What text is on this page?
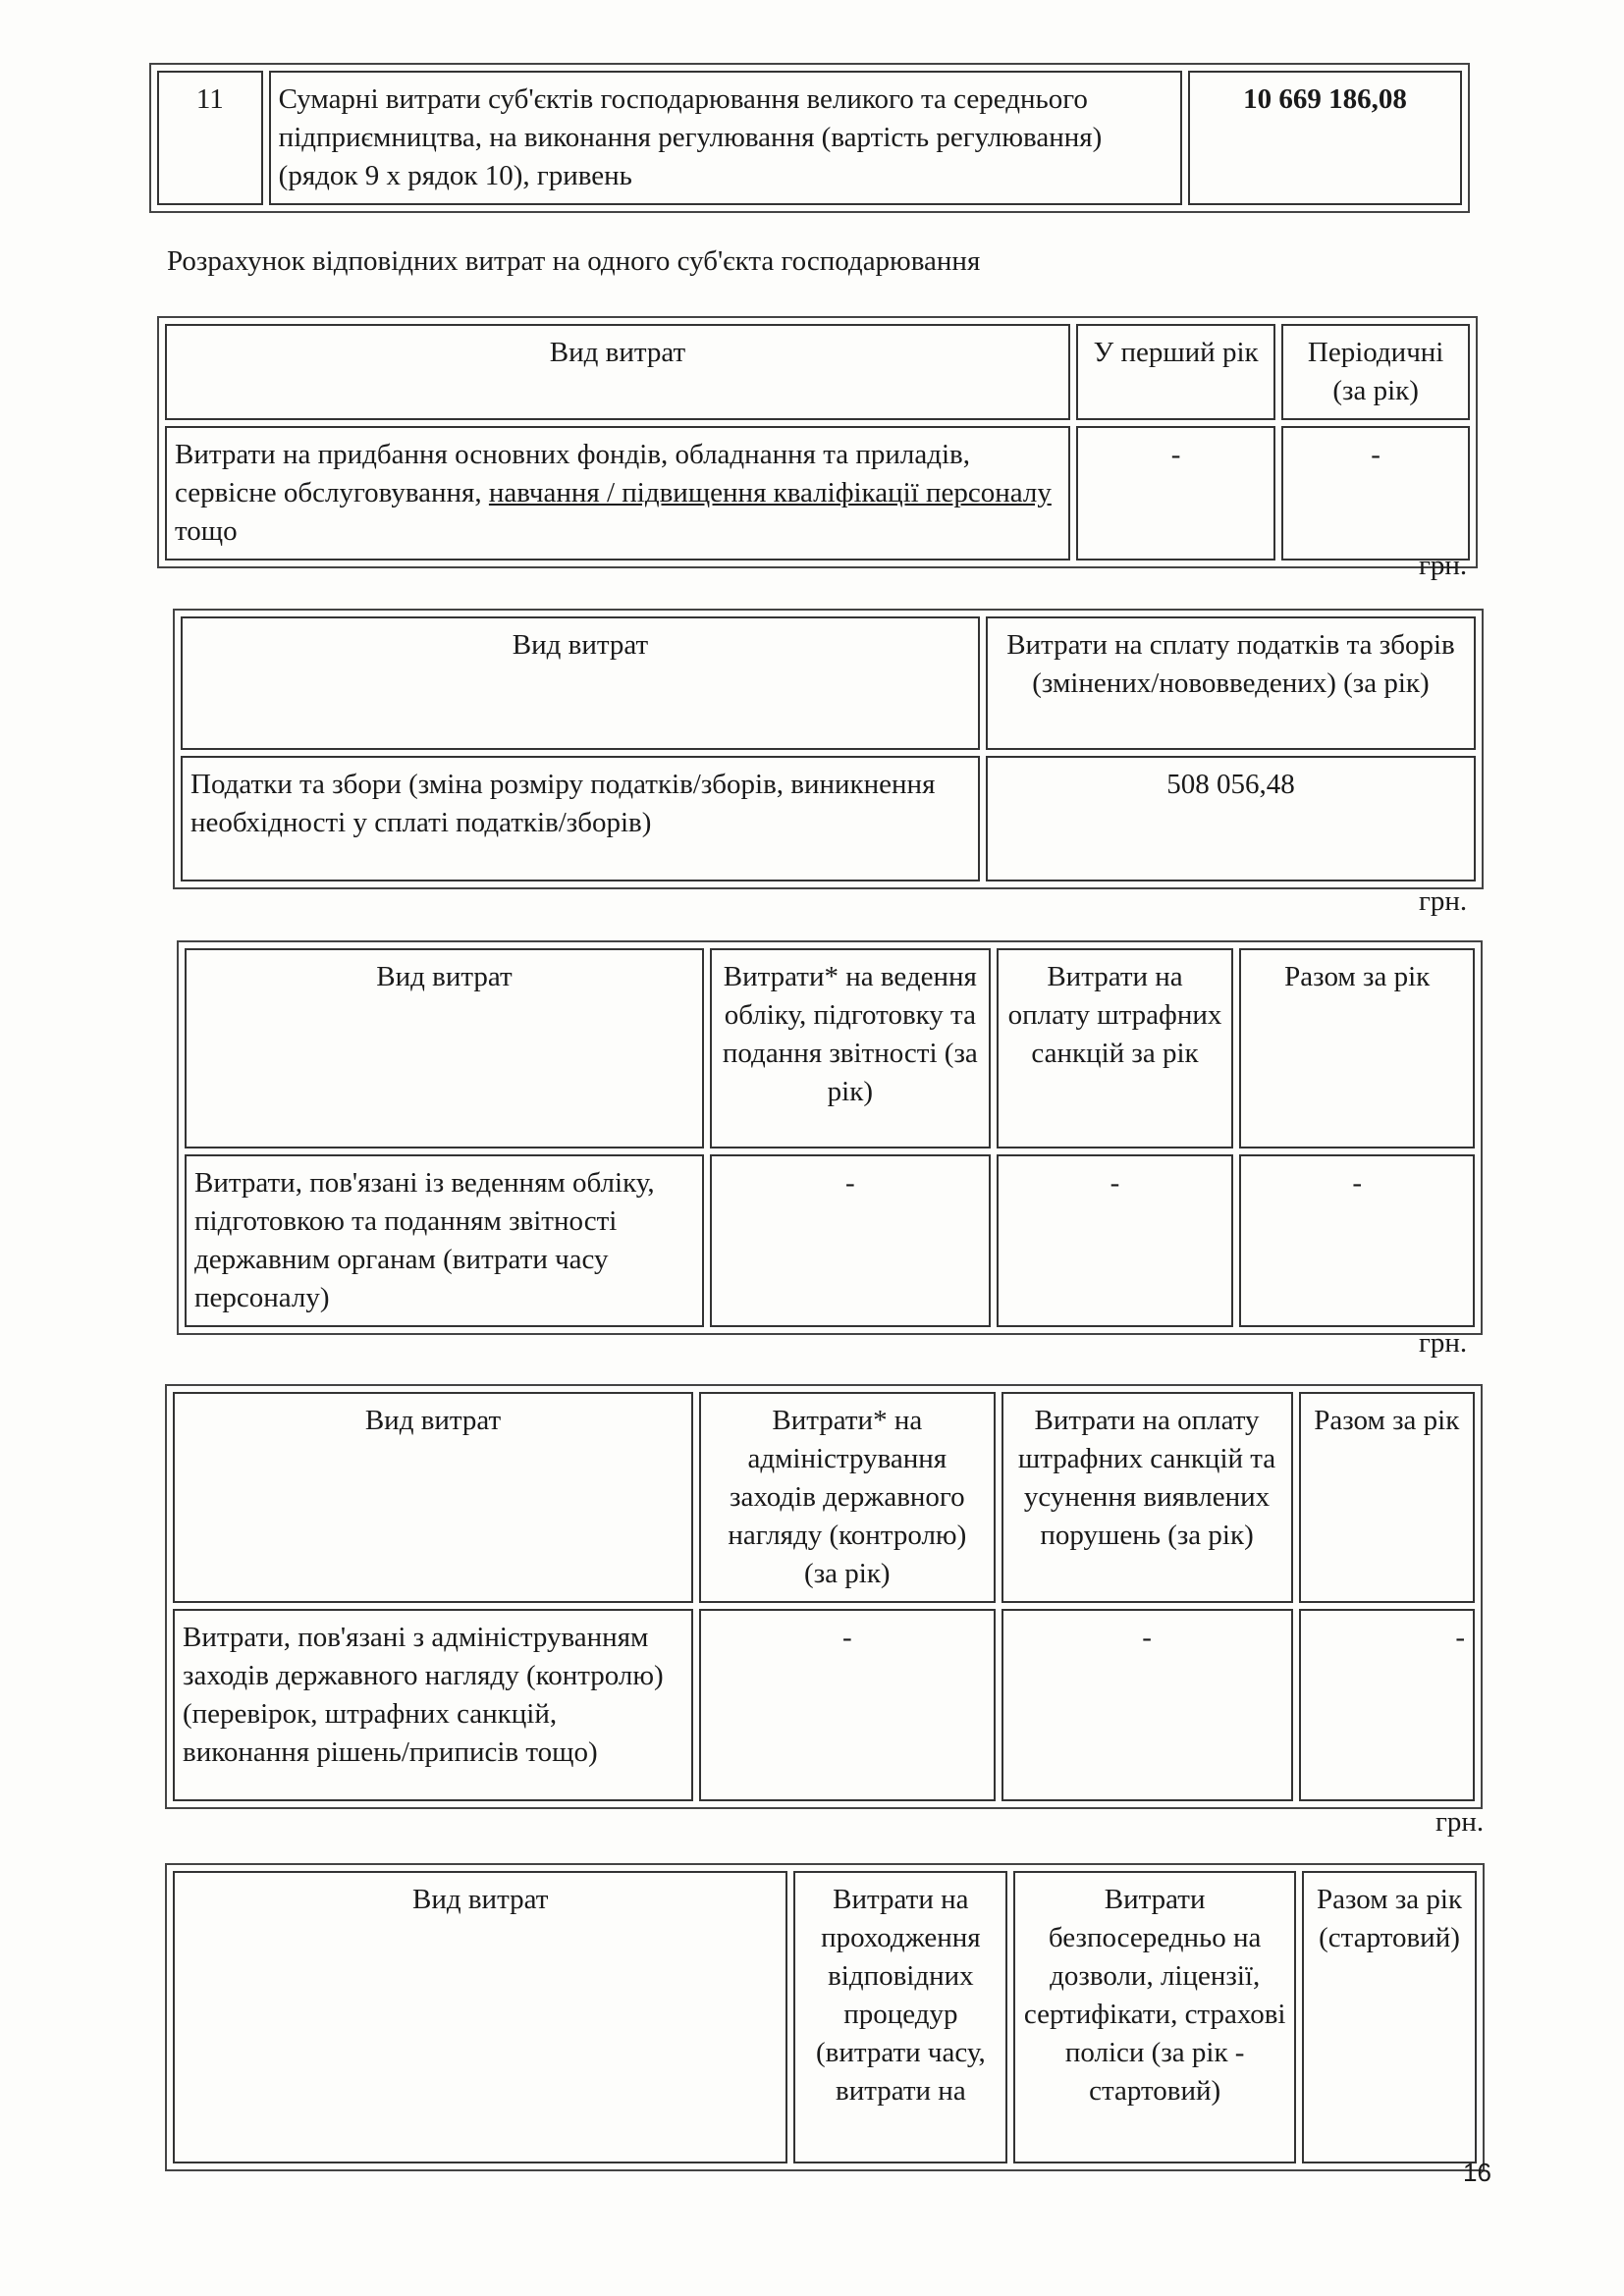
11	Сумарні витрати суб'єктів господарювання великого та середнього підприємництва, на виконання регулювання (вартість регулювання) (рядок 9 х рядок 10), гривень	10 669 186,08
Розрахунок відповідних витрат на одного суб'єкта господарювання
Вид витрат	У перший рік	Періодичні (за рік)
Витрати на придбання основних фондів, обладнання та приладів, сервісне обслуговування, навчання / підвищення кваліфікації персоналу тощо	-	-
грн.
Вид витрат	Витрати на сплату податків та зборів (змінених/нововведених) (за рік)
Податки та збори (зміна розміру податків/зборів, виникнення необхідності у сплаті податків/зборів)	508 056,48
грн.
Вид витрат	Витрати* на ведення обліку, підготовку та подання звітності (за рік)	Витрати на оплату штрафних санкцій за рік	Разом за рік
Витрати, пов'язані із веденням обліку, підготовкою та поданням звітності державним органам (витрати часу персоналу)	-	-	-
грн.
Вид витрат	Витрати* на адміністрування заходів державного нагляду (контролю) (за рік)	Витрати на оплату штрафних санкцій та усунення виявлених порушень (за рік)	Разом за рік
Витрати, пов'язані з адмініструванням заходів державного нагляду (контролю) (перевірок, штрафних санкцій, виконання рішень/приписів тощо)	-	-	-
грн.
Вид витрат	Витрати на проходження відповідних процедур (витрати часу, витрати на	Витрати безпосередньо на дозволи, ліцензії, сертифікати, страхові поліси (за рік - стартовий)	Разом за рік (стартовий)
16
